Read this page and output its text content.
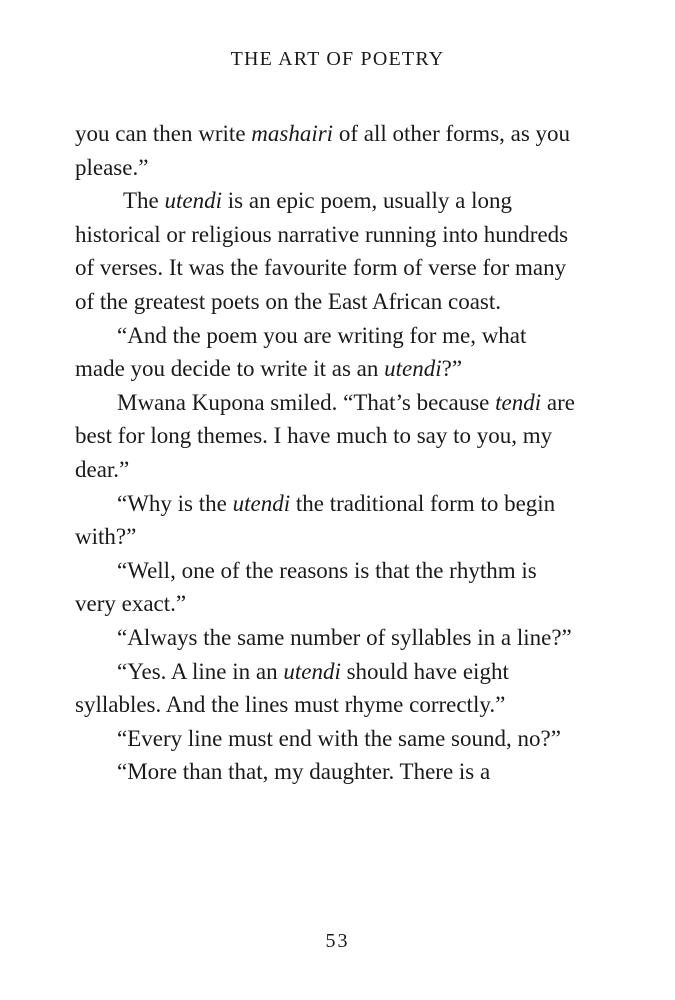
THE ART OF POETRY

you can then write mashairi of all other forms, as you please.”

The utendi is an epic poem, usually a long historical or religious narrative running into hundreds of verses. It was the favourite form of verse for many of the greatest poets on the East African coast.

“And the poem you are writing for me, what made you decide to write it as an utendi?”

Mwana Kupona smiled. “That’s because tendi are best for long themes. I have much to say to you, my dear.”

“Why is the utendi the traditional form to begin with?”

“Well, one of the reasons is that the rhythm is very exact.”

“Always the same number of syllables in a line?”

“Yes. A line in an utendi should have eight syllables. And the lines must rhyme correctly.”

“Every line must end with the same sound, no?”

“More than that, my daughter. There is a

53
